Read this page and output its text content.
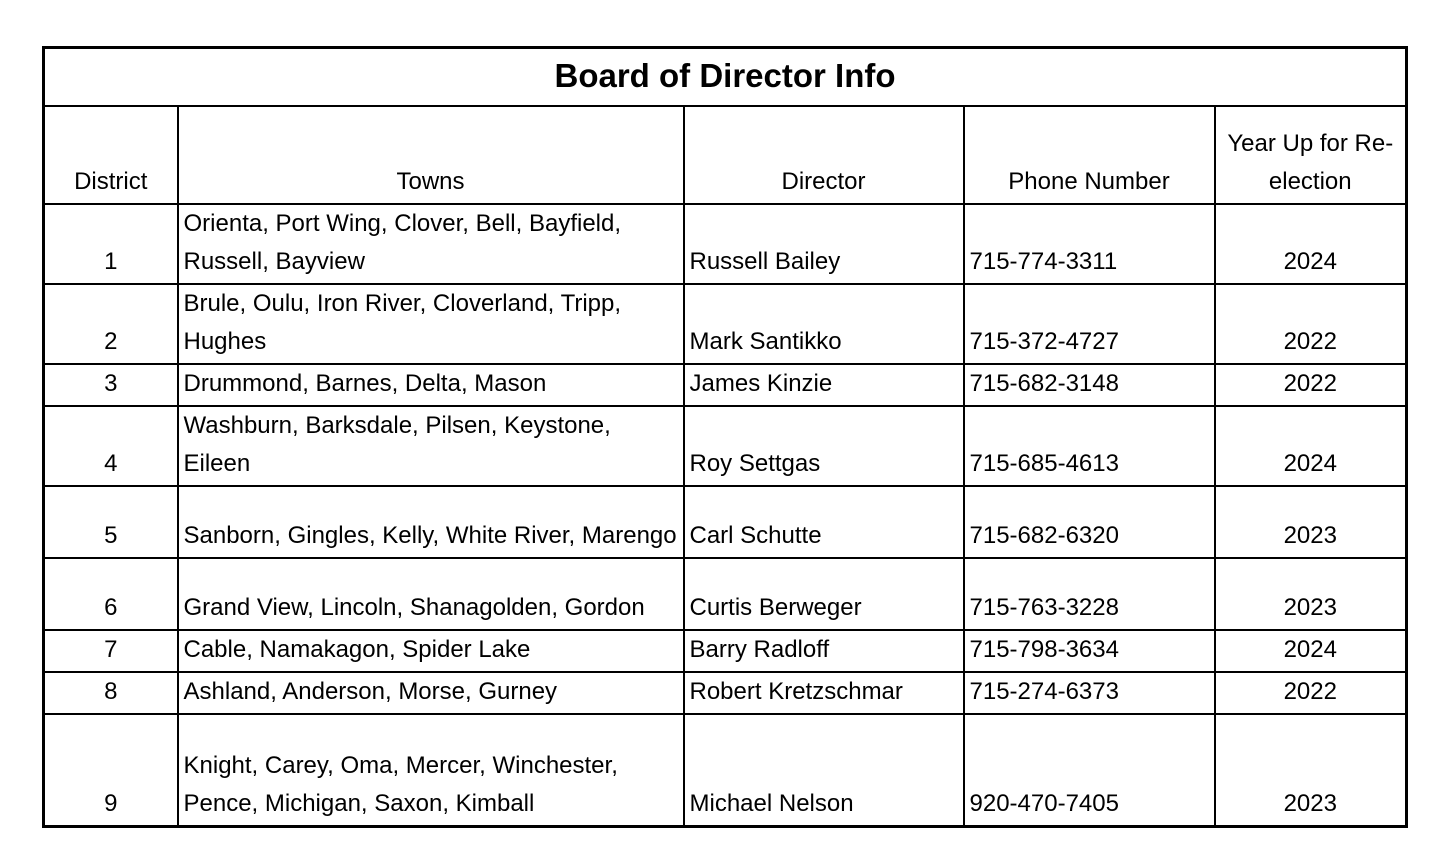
Board of Director Info				
District	Towns	Director	Phone Number	Year Up for Re-election
1	Orienta, Port Wing, Clover, Bell, Bayfield, Russell, Bayview	Russell Bailey	715-774-3311	2024
2	Brule, Oulu, Iron River, Cloverland, Tripp, Hughes	Mark Santikko	715-372-4727	2022
3	Drummond, Barnes, Delta, Mason	James Kinzie	715-682-3148	2022
4	Washburn, Barksdale, Pilsen, Keystone, Eileen	Roy Settgas	715-685-4613	2024
5	Sanborn, Gingles, Kelly, White River, Marengo	Carl Schutte	715-682-6320	2023
6	Grand View, Lincoln, Shanagolden, Gordon	Curtis Berweger	715-763-3228	2023
7	Cable, Namakagon, Spider Lake	Barry Radloff	715-798-3634	2024
8	Ashland, Anderson, Morse, Gurney	Robert Kretzschmar	715-274-6373	2022
9	Knight, Carey, Oma, Mercer, Winchester, Pence, Michigan, Saxon, Kimball	Michael Nelson	920-470-7405	2023
